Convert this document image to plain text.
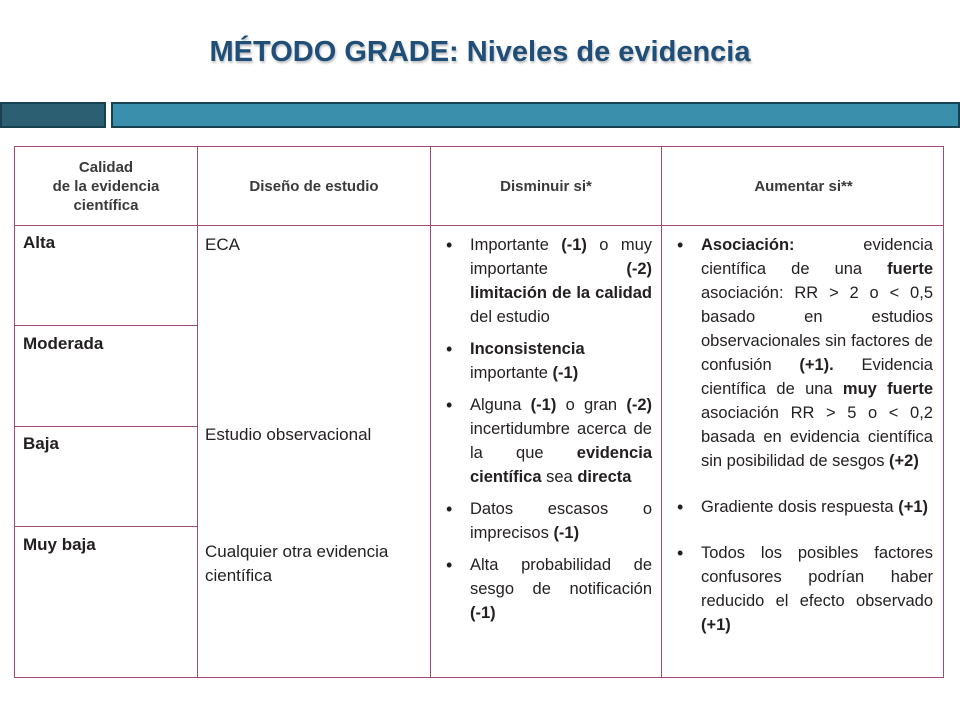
MÉTODO GRADE: Niveles de evidencia
Calidad
de la evidencia
científica
Diseño de estudio	Disminuir si*	Aumentar si**
Alta
Moderada
Baja
Muy baja
ECA
Estudio observacional
Cualquier otra evidencia
científica
• Importante (-1) o muy importante (-2) limitación de la calidad del estudio
• Inconsistencia importante (-1)
• Alguna (-1) o gran (-2) incertidumbre acerca de la que evidencia científica sea directa
• Datos escasos o imprecisos (-1)
• Alta probabilidad de sesgo de notificación (-1)
• Asociación: evidencia científica de una fuerte asociación: RR > 2 o < 0,5 basado en estudios observacionales sin factores de confusión (+1). Evidencia científica de una muy fuerte asociación RR > 5 o < 0,2 basada en evidencia científica sin posibilidad de sesgos (+2)
• Gradiente dosis respuesta (+1)
• Todos los posibles factores confusores podrían haber reducido el efecto observado (+1)
